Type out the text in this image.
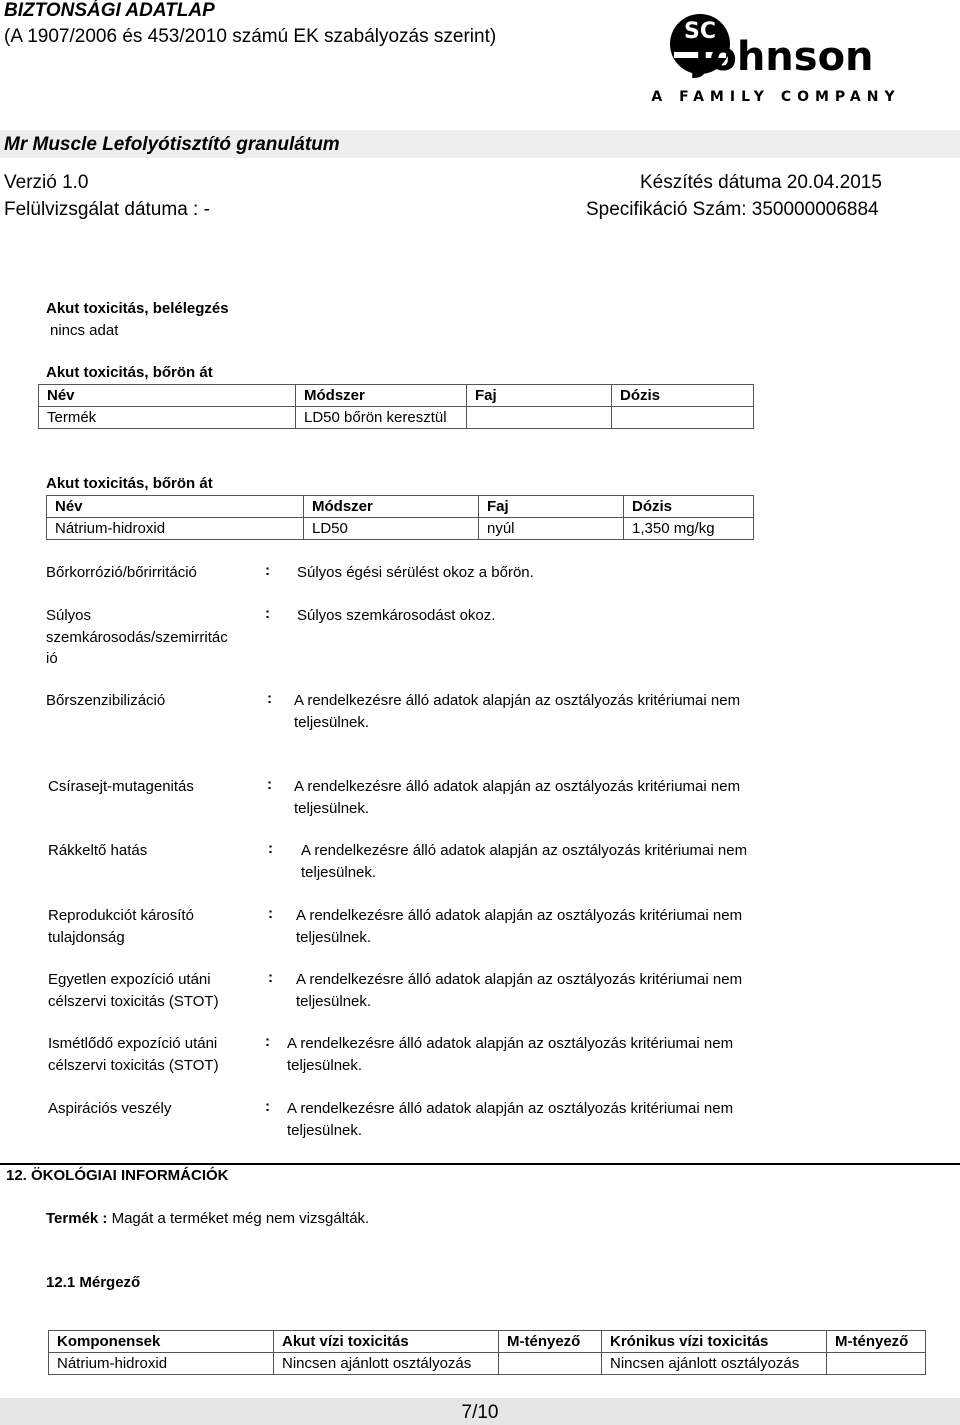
BIZTONSÁGI ADATLAP
(A 1907/2006 és 453/2010 számú EK szabályozás szerint)	SC
Johnson
A FAMILY COMPANY
Mr Muscle Lefolyótisztító granulátum
Verzió 1.0	Készítés dátuma 20.04.2015
Felülvizsgálat dátuma : -	Specifikáció Szám: 350000006884
Akut toxicitás, belélegzés
nincs adat
Akut toxicitás, bőrön át
Név	Módszer	Faj	Dózis
Termék	LD50 bőrön keresztül		
Akut toxicitás, bőrön át
Név	Módszer	Faj	Dózis
Nátrium-hidroxid	LD50	nyúl	1,350 mg/kg
Bőrkorrózió/bőrirritáció	: Súlyos égési sérülést okoz a bőrön.
Súlyos
szemkárosodás/szemirritác
ió
: Súlyos szemkárosodást okoz.
Bőrszenzibilizáció	: A rendelkezésre álló adatok alapján az osztályozás kritériumai nem
teljesülnek.
Csírasejt-mutagenitás	: A rendelkezésre álló adatok alapján az osztályozás kritériumai nem
teljesülnek.
Rákkeltő hatás	: A rendelkezésre álló adatok alapján az osztályozás kritériumai nem
teljesülnek.
Reprodukciót károsító
tulajdonság
: A rendelkezésre álló adatok alapján az osztályozás kritériumai nem
teljesülnek.
Egyetlen expozíció utáni
célszervi toxicitás (STOT)
: A rendelkezésre álló adatok alapján az osztályozás kritériumai nem
teljesülnek.
Ismétlődő expozíció utáni
célszervi toxicitás (STOT)
: A rendelkezésre álló adatok alapján az osztályozás kritériumai nem
teljesülnek.
Aspirációs veszély	: A rendelkezésre álló adatok alapján az osztályozás kritériumai nem
teljesülnek.
12. ÖKOLÓGIAI INFORMÁCIÓK
Termék : Magát a terméket még nem vizsgálták.
12.1 Mérgező
Komponensek	Akut vízi toxicitás	M-tényező	Krónikus vízi toxicitás	M-tényező
Nátrium-hidroxid	Nincsen ajánlott osztályozás		Nincsen ajánlott osztályozás	
7/10
